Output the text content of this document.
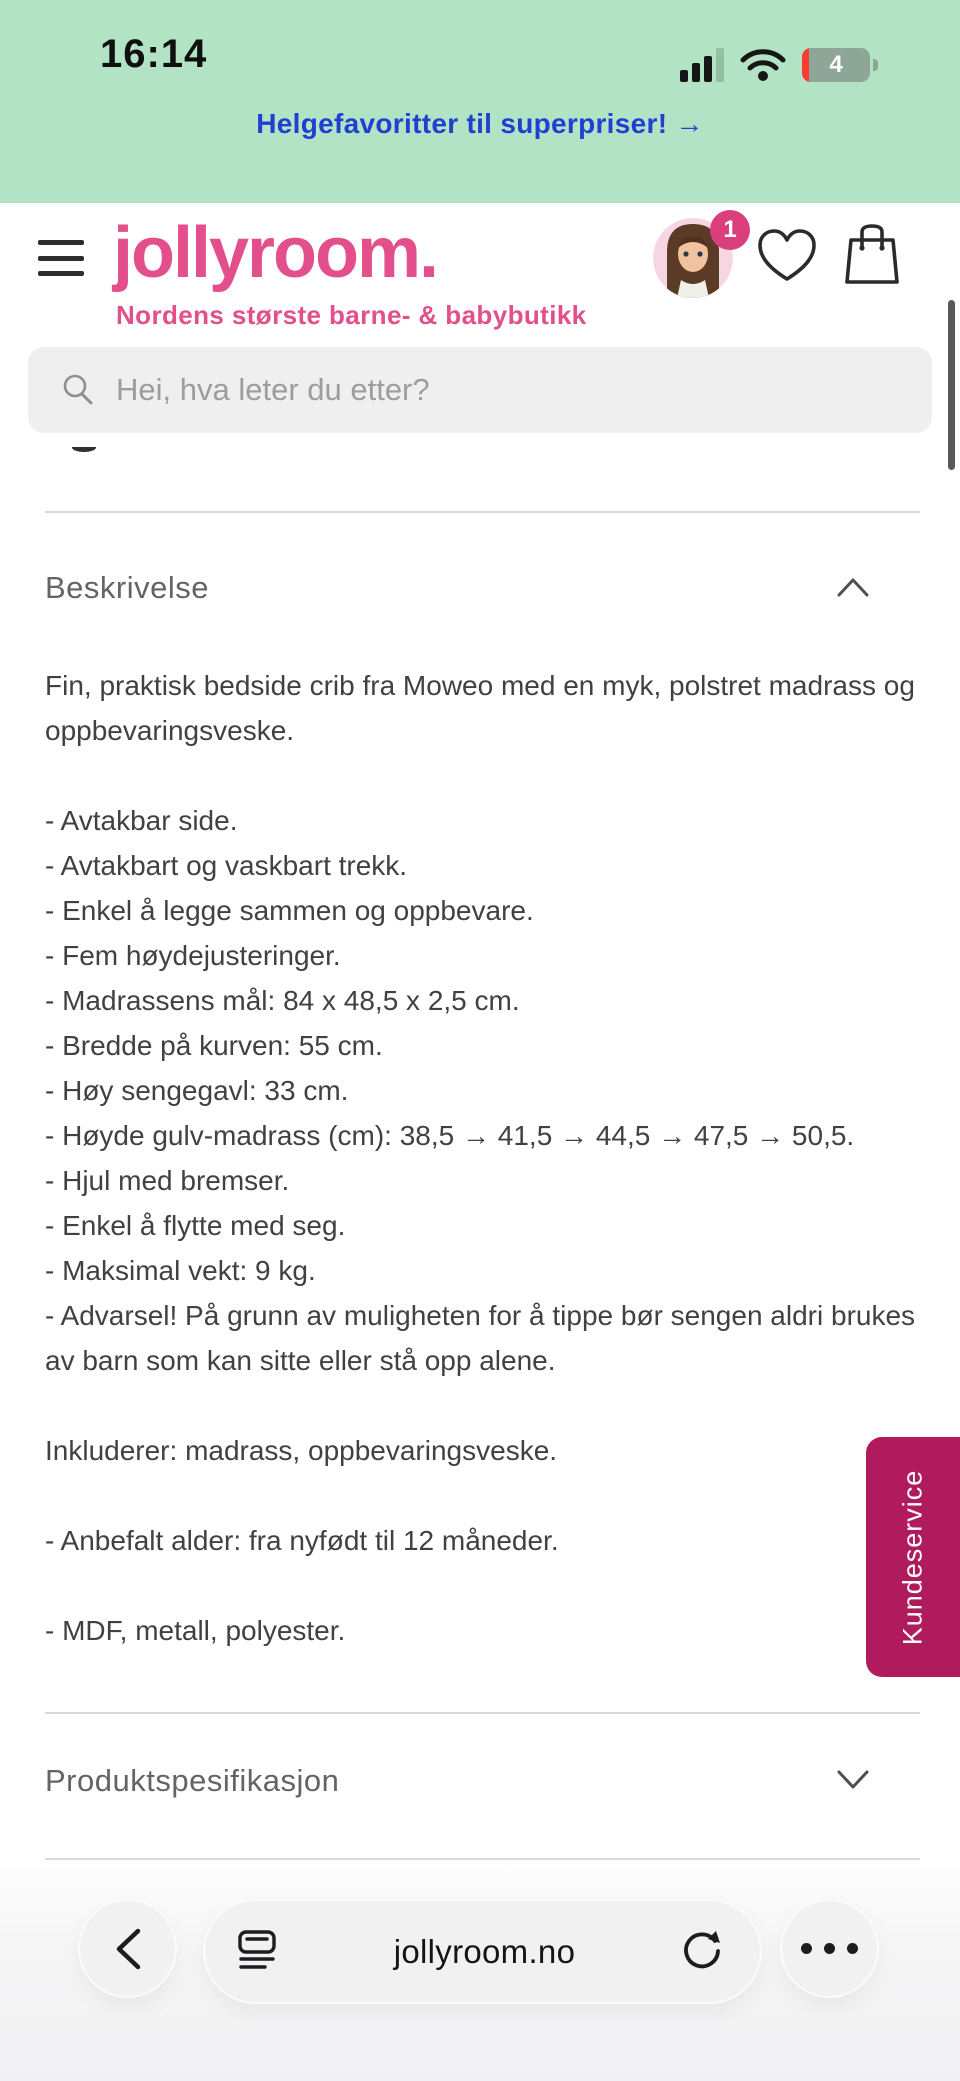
16:14	4
Helgefavoritter til superpriser! →
jollyroom.
Nordens største barne- & babybutikk
1
Hei, hva leter du etter?
Beskrivelse
Fin, praktisk bedside crib fra Moweo med en myk, polstret madrass og oppbevaringsveske.
- Avtakbar side.
- Avtakbart og vaskbart trekk.
- Enkel å legge sammen og oppbevare.
- Fem høydejusteringer.
- Madrassens mål: 84 x 48,5 x 2,5 cm.
- Bredde på kurven: 55 cm.
- Høy sengegavl: 33 cm.
- Høyde gulv-madrass (cm): 38,5 → 41,5 → 44,5 → 47,5 → 50,5.
- Hjul med bremser.
- Enkel å flytte med seg.
- Maksimal vekt: 9 kg.
- Advarsel! På grunn av muligheten for å tippe bør sengen aldri brukes av barn som kan sitte eller stå opp alene.
Inkluderer: madrass, oppbevaringsveske.
- Anbefalt alder: fra nyfødt til 12 måneder.
- MDF, metall, polyester.	Kundeservice
Produktspesifikasjon
jollyroom.no
